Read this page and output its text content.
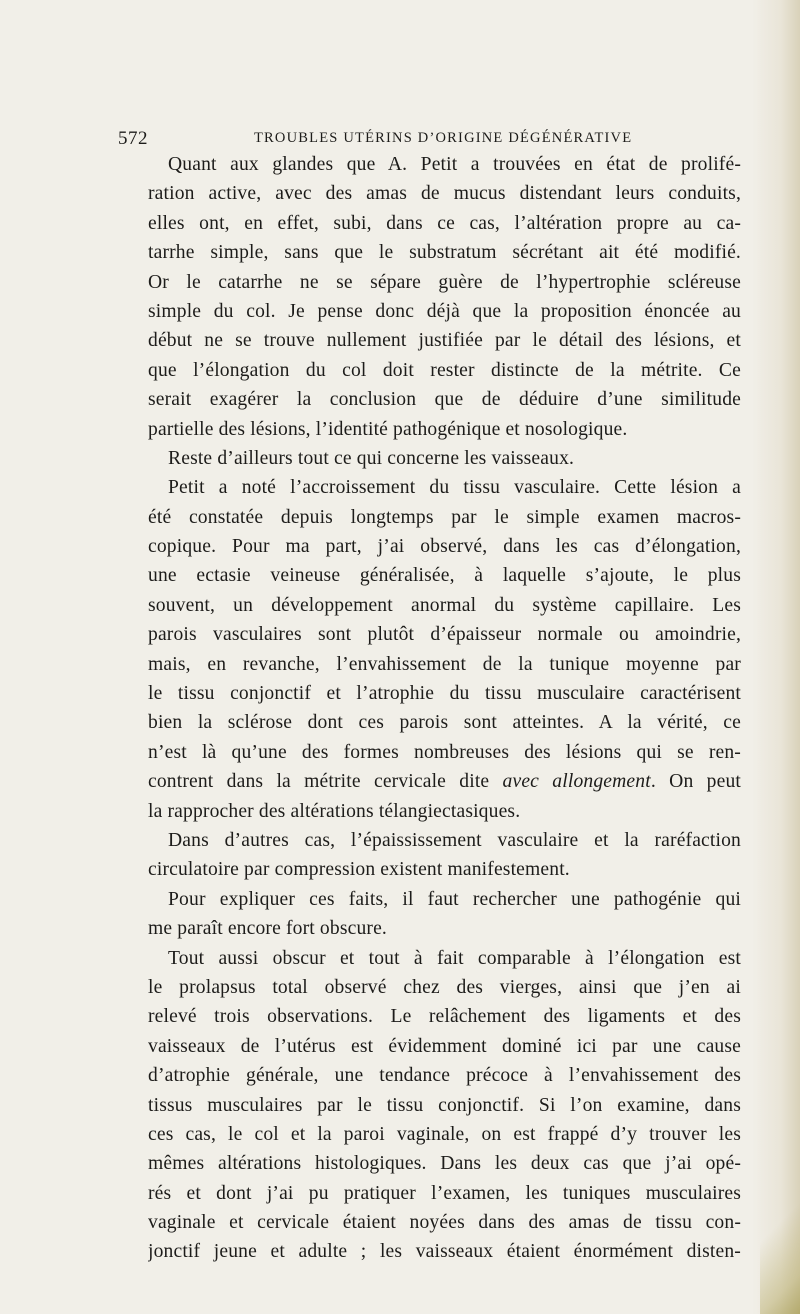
572	TROUBLES UTÉRINS D’ORIGINE DÉGÉNÉRATIVE
Quant aux glandes que A. Petit a trouvées en état de prolifé-
ration active, avec des amas de mucus distendant leurs conduits,
elles ont, en effet, subi, dans ce cas, l’altération propre au ca-
tarrhe simple, sans que le substratum sécrétant ait été modifié.
Or le catarrhe ne se sépare guère de l’hypertrophie scléreuse
simple du col. Je pense donc déjà que la proposition énoncée au
début ne se trouve nullement justifiée par le détail des lésions, et
que l’élongation du col doit rester distincte de la métrite. Ce
serait exagérer la conclusion que de déduire d’une similitude
partielle des lésions, l’identité pathogénique et nosologique.
Reste d’ailleurs tout ce qui concerne les vaisseaux.
Petit a noté l’accroissement du tissu vasculaire. Cette lésion a
été constatée depuis longtemps par le simple examen macros-
copique. Pour ma part, j’ai observé, dans les cas d’élongation,
une ectasie veineuse généralisée, à laquelle s’ajoute, le plus
souvent, un développement anormal du système capillaire. Les
parois vasculaires sont plutôt d’épaisseur normale ou amoindrie,
mais, en revanche, l’envahissement de la tunique moyenne par
le tissu conjonctif et l’atrophie du tissu musculaire caractérisent
bien la sclérose dont ces parois sont atteintes. A la vérité, ce
n’est là qu’une des formes nombreuses des lésions qui se ren-
contrent dans la métrite cervicale dite avec allongement. On peut
la rapprocher des altérations télangiectasiques.
Dans d’autres cas, l’épaississement vasculaire et la raréfaction
circulatoire par compression existent manifestement.
Pour expliquer ces faits, il faut rechercher une pathogénie qui
me paraît encore fort obscure.
Tout aussi obscur et tout à fait comparable à l’élongation est
le prolapsus total observé chez des vierges, ainsi que j’en ai
relevé trois observations. Le relâchement des ligaments et des
vaisseaux de l’utérus est évidemment dominé ici par une cause
d’atrophie générale, une tendance précoce à l’envahissement des
tissus musculaires par le tissu conjonctif. Si l’on examine, dans
ces cas, le col et la paroi vaginale, on est frappé d’y trouver les
mêmes altérations histologiques. Dans les deux cas que j’ai opé-
rés et dont j’ai pu pratiquer l’examen, les tuniques musculaires
vaginale et cervicale étaient noyées dans des amas de tissu con-
jonctif jeune et adulte ; les vaisseaux étaient énormément disten-
